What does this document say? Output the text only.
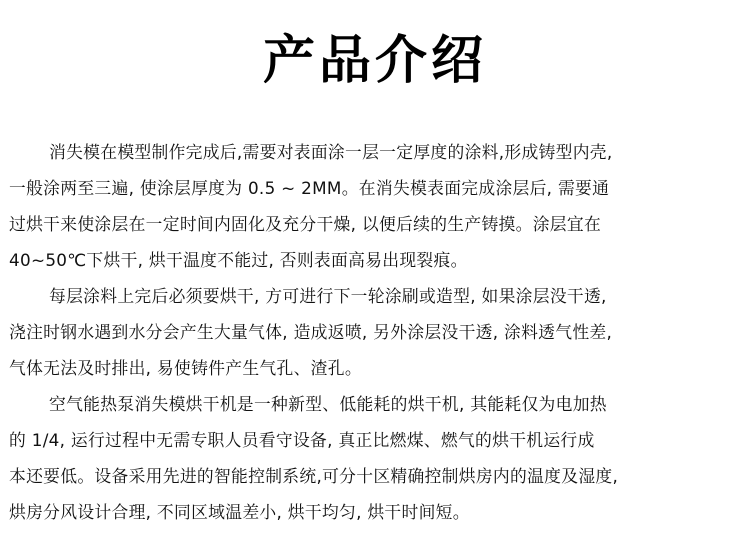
产品介绍
消失模在模型制作完成后,需要对表面涂一层一定厚度的涂料,形成铸型内壳,
一般涂两至三遍, 使涂层厚度为 0.5 ~ 2MM。在消失模表面完成涂层后, 需要通
过烘干来使涂层在一定时间内固化及充分干燥, 以便后续的生产铸摸。涂层宜在
40~50℃下烘干, 烘干温度不能过, 否则表面高易出现裂痕。
每层涂料上完后必须要烘干, 方可进行下一轮涂刷或造型, 如果涂层没干透,
浇注时钢水遇到水分会产生大量气体, 造成返喷, 另外涂层没干透, 涂料透气性差,
气体无法及时排出, 易使铸件产生气孔、渣孔。
空气能热泵消失模烘干机是一种新型、低能耗的烘干机, 其能耗仅为电加热
的 1/4, 运行过程中无需专职人员看守设备, 真正比燃煤、燃气的烘干机运行成
本还要低。设备采用先进的智能控制系统,可分十区精确控制烘房内的温度及湿度,
烘房分风设计合理, 不同区域温差小, 烘干均匀, 烘干时间短。
